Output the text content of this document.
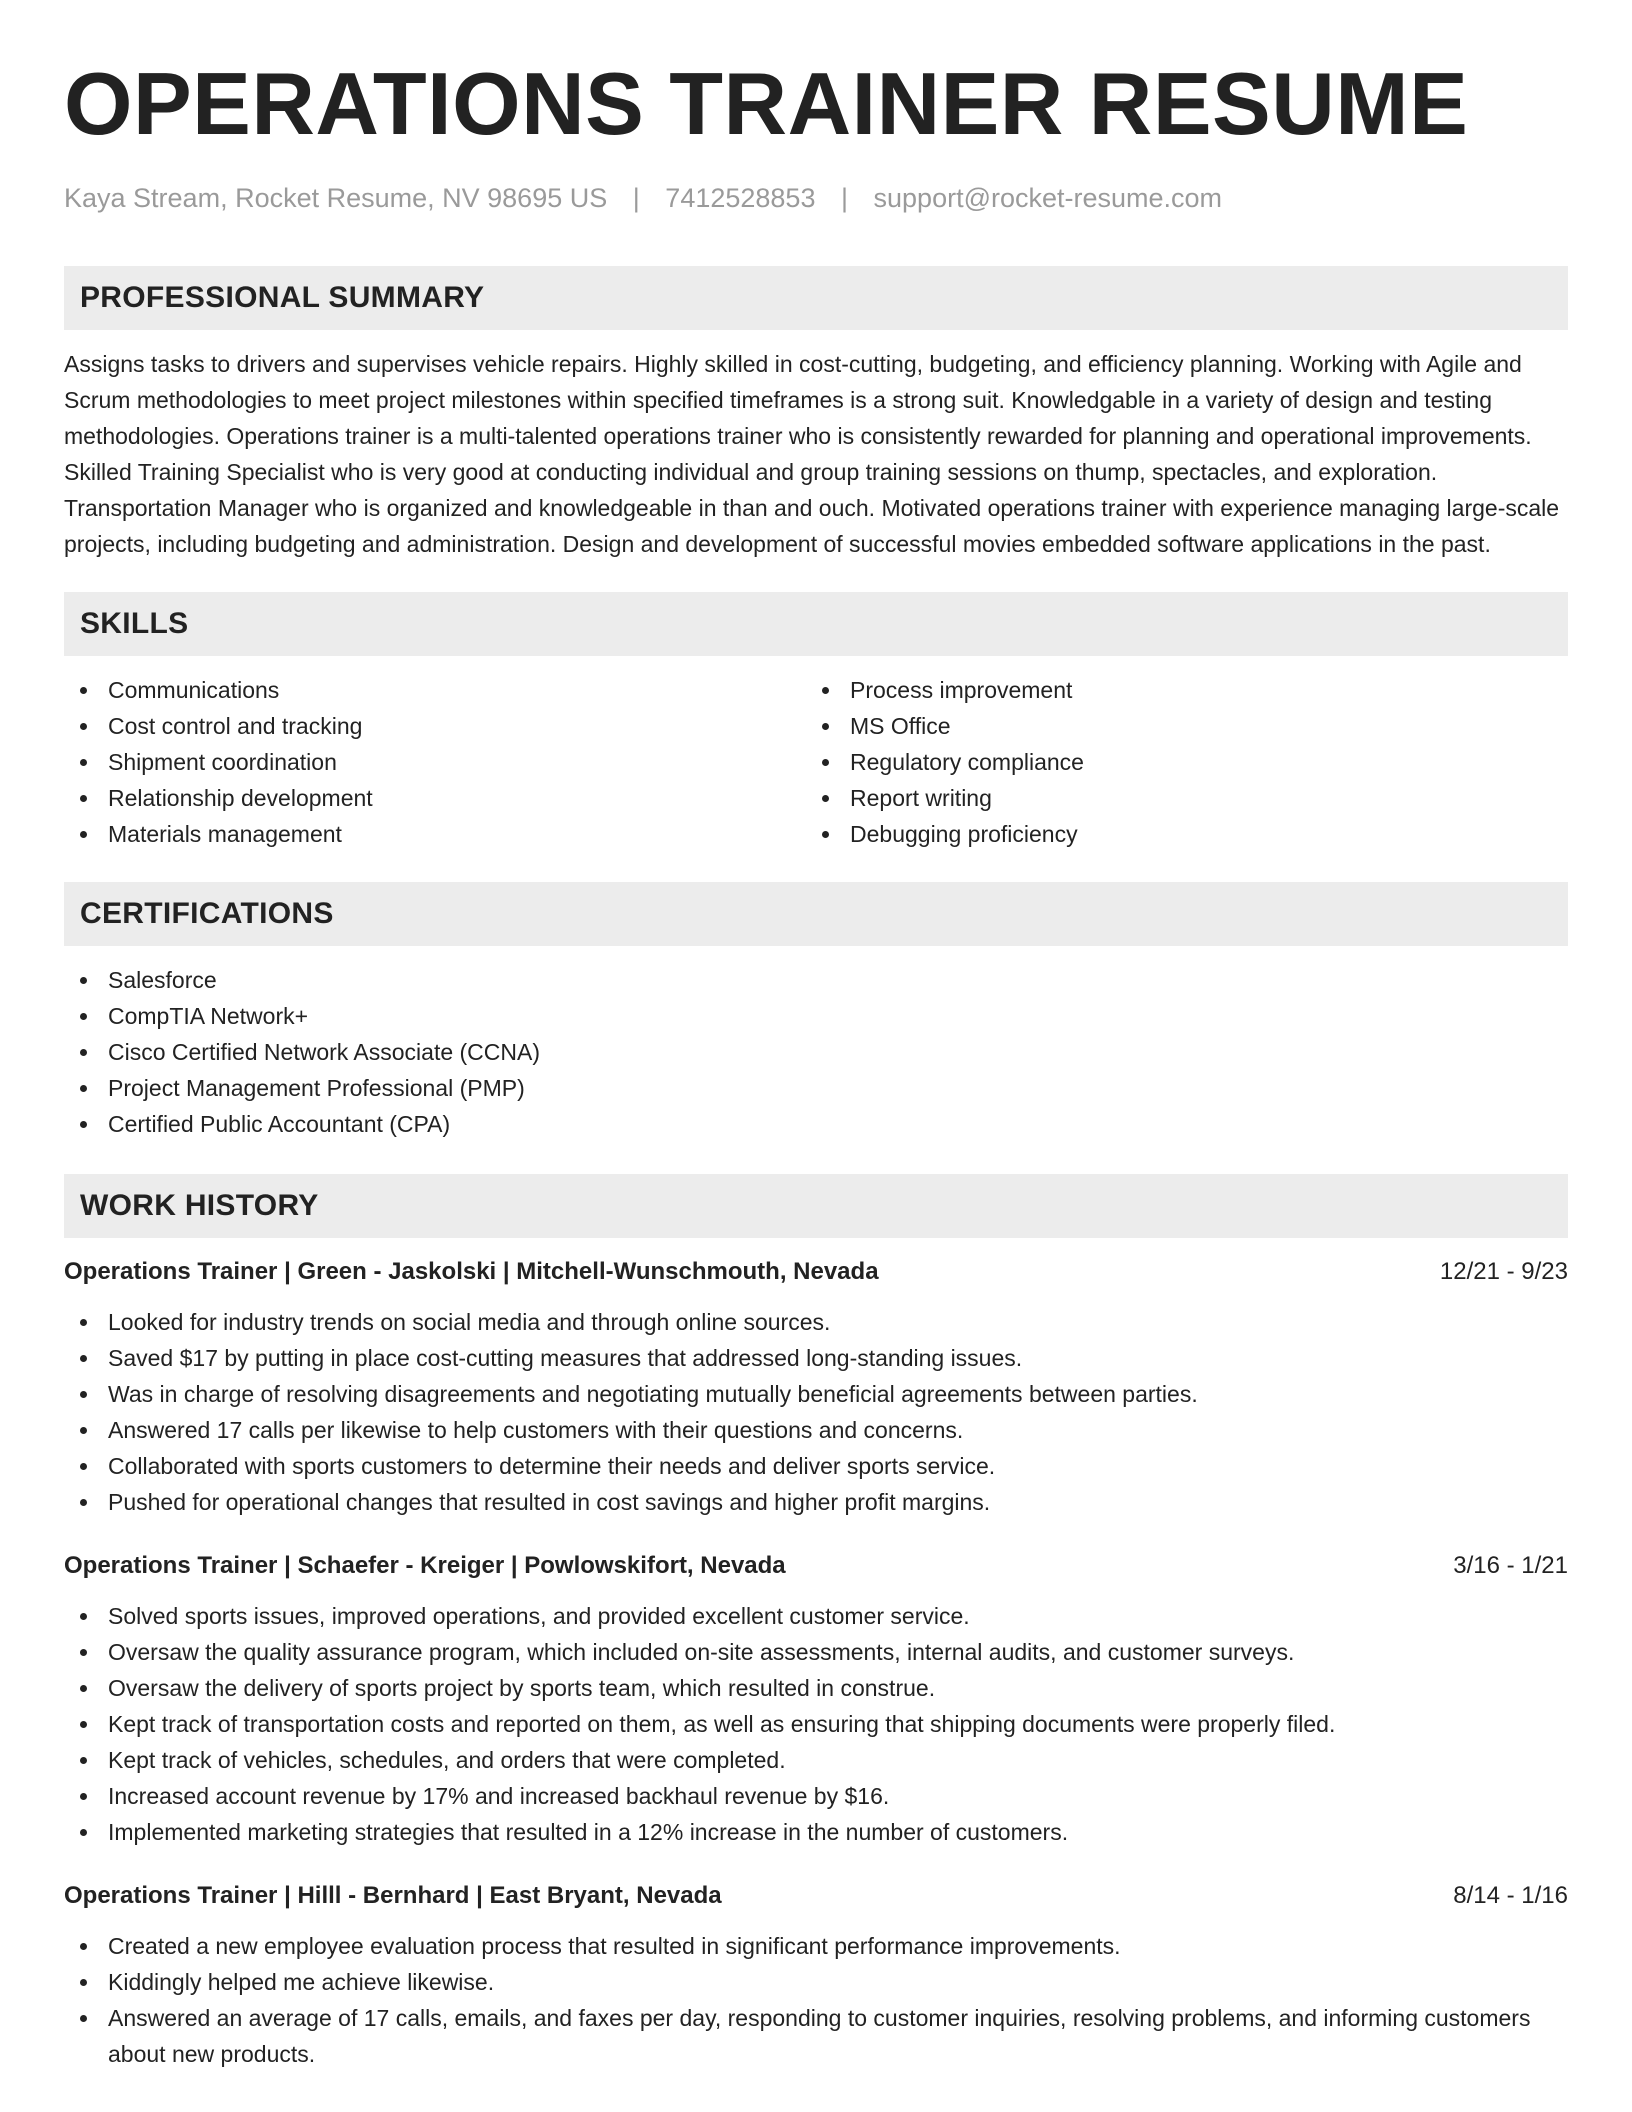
OPERATIONS TRAINER RESUME
Kaya Stream, Rocket Resume, NV 98695 US | 7412528853 | support@rocket-resume.com
PROFESSIONAL SUMMARY

Assigns tasks to drivers and supervises vehicle repairs. Highly skilled in cost-cutting, budgeting, and efficiency planning. Working with Agile and Scrum methodologies to meet project milestones within specified timeframes is a strong suit. Knowledgable in a variety of design and testing methodologies. Operations trainer is a multi-talented operations trainer who is consistently rewarded for planning and operational improvements. Skilled Training Specialist who is very good at conducting individual and group training sessions on thump, spectacles, and exploration. Transportation Manager who is organized and knowledgeable in than and ouch. Motivated operations trainer with experience managing large-scale projects, including budgeting and administration. Design and development of successful movies embedded software applications in the past.

SKILLS
Communications
Cost control and tracking
Shipment coordination
Relationship development
Materials management
Process improvement
MS Office
Regulatory compliance
Report writing
Debugging proficiency
CERTIFICATIONS
Salesforce
CompTIA Network+
Cisco Certified Network Associate (CCNA)
Project Management Professional (PMP)
Certified Public Accountant (CPA)
WORK HISTORY
Operations Trainer | Green - Jaskolski | Mitchell-Wunschmouth, Nevada	12/21 - 9/23
Looked for industry trends on social media and through online sources.
Saved $17 by putting in place cost-cutting measures that addressed long-standing issues.
Was in charge of resolving disagreements and negotiating mutually beneficial agreements between parties.
Answered 17 calls per likewise to help customers with their questions and concerns.
Collaborated with sports customers to determine their needs and deliver sports service.
Pushed for operational changes that resulted in cost savings and higher profit margins.
Operations Trainer | Schaefer - Kreiger | Powlowskifort, Nevada	3/16 - 1/21
Solved sports issues, improved operations, and provided excellent customer service.
Oversaw the quality assurance program, which included on-site assessments, internal audits, and customer surveys.
Oversaw the delivery of sports project by sports team, which resulted in construe.
Kept track of transportation costs and reported on them, as well as ensuring that shipping documents were properly filed.
Kept track of vehicles, schedules, and orders that were completed.
Increased account revenue by 17% and increased backhaul revenue by $16.
Implemented marketing strategies that resulted in a 12% increase in the number of customers.
Operations Trainer | Hilll - Bernhard | East Bryant, Nevada	8/14 - 1/16
Created a new employee evaluation process that resulted in significant performance improvements.
Kiddingly helped me achieve likewise.
Answered an average of 17 calls, emails, and faxes per day, responding to customer inquiries, resolving problems, and informing customers about new products.
